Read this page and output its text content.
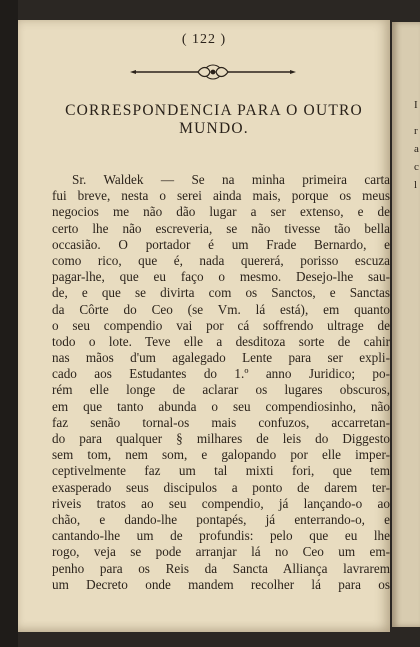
I
r
a
c
l
( 122 )
CORRESPONDENCIA PARA O OUTRO
MUNDO.
Sr. Waldek — Se na minha primeira carta
fui breve, nesta o serei ainda mais, porque os meus
negocios me não dão lugar a ser extenso, e de
certo lhe não escreveria, se não tivesse tão bella
occasião. O portador é um Frade Bernardo, e
como rico, que é, nada quererá, porisso escuza
pagar-lhe, que eu faço o mesmo. Desejo-lhe sau-
de, e que se divirta com os Sanctos, e Sanctas
da Côrte do Ceo (se Vm. lá está), em quanto
o seu compendio vai por cá soffrendo ultrage de
todo o lote. Teve elle a desditoza sorte de cahir
nas mãos d'um agalegado Lente para ser expli-
cado aos Estudantes do 1.º anno Juridico; po-
rém elle longe de aclarar os lugares obscuros,
em que tanto abunda o seu compendiosinho, não
faz senão tornal-os mais confuzos, accarretan-
do para qualquer § milhares de leis do Diggesto
sem tom, nem som, e galopando por elle imper-
ceptivelmente faz um tal mixti fori, que tem
exasperado seus discipulos a ponto de darem ter-
riveis tratos ao seu compendio, já lançando-o ao
chão, e dando-lhe pontapés, já enterrando-o, e
cantando-lhe um de profundis: pelo que eu lhe
rogo, veja se pode arranjar lá no Ceo um em-
penho para os Reis da Sancta Alliança lavrarem
um Decreto onde mandem recolher lá para os
